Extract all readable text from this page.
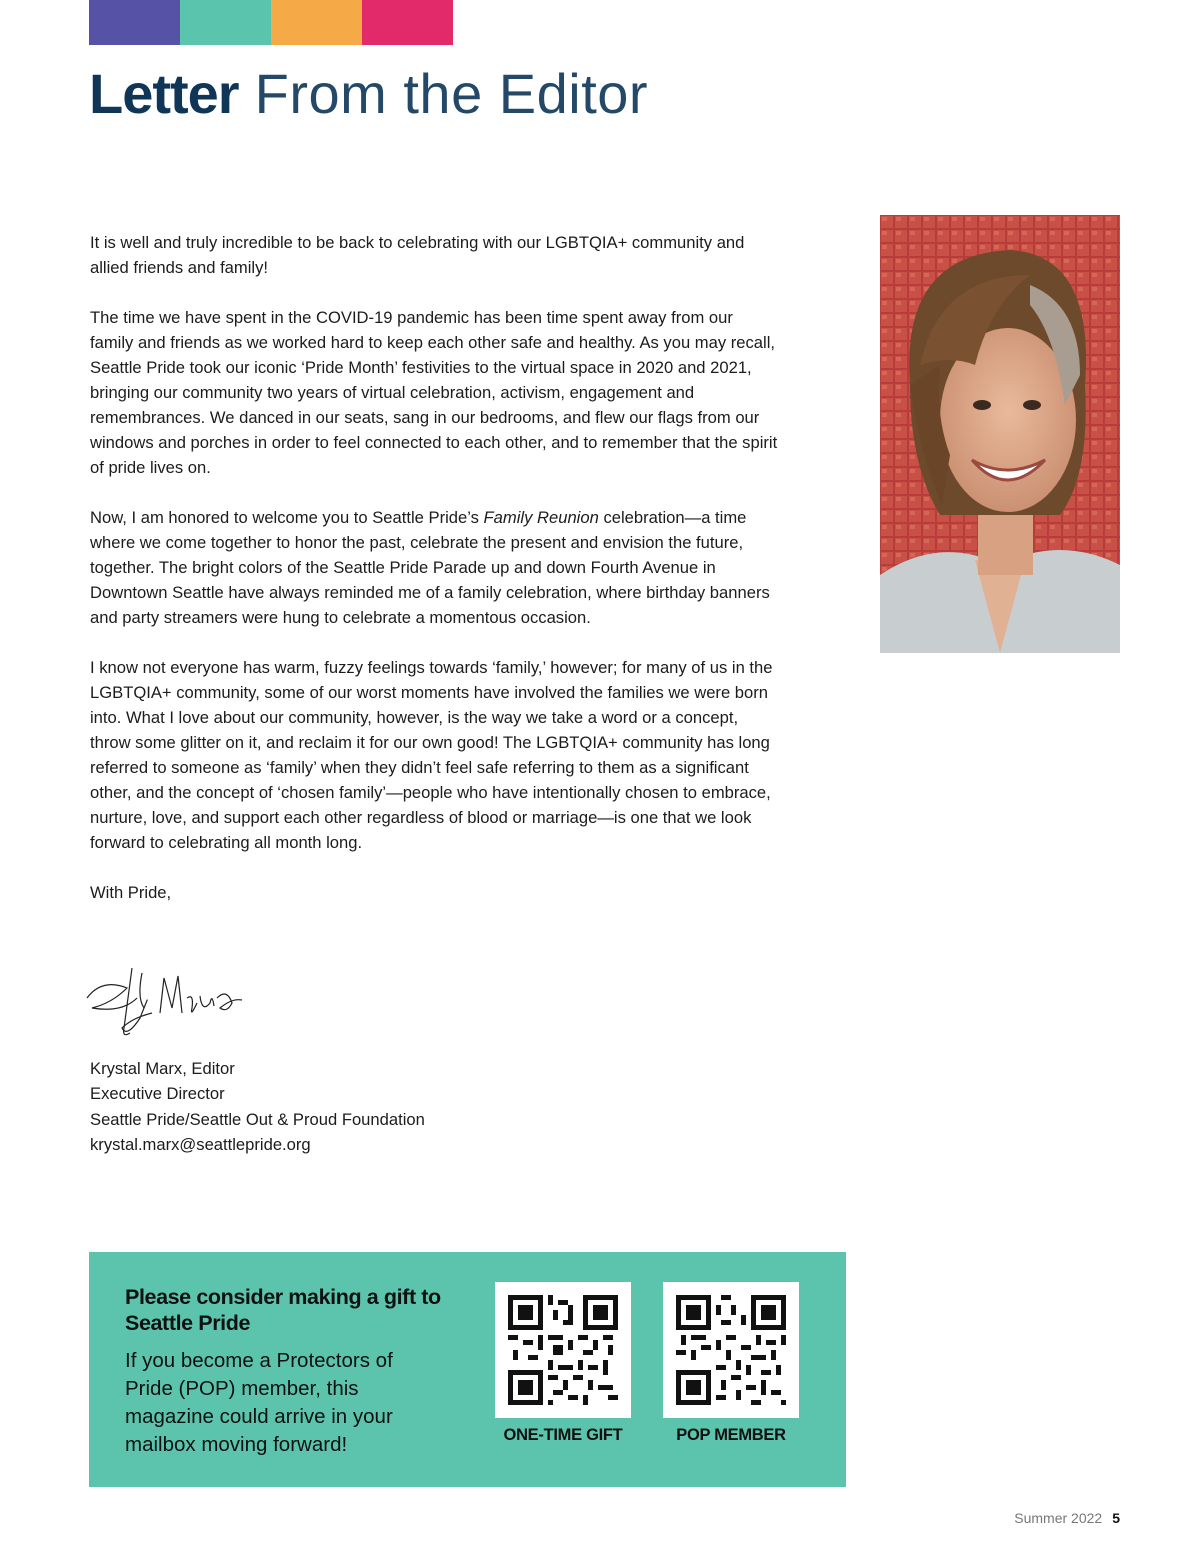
Letter From the Editor

It is well and truly incredible to be back to celebrating with our LGBTQIA+ community and allied friends and family!

The time we have spent in the COVID-19 pandemic has been time spent away from our family and friends as we worked hard to keep each other safe and healthy. As you may recall, Seattle Pride took our iconic ‘Pride Month’ festivities to the virtual space in 2020 and 2021, bringing our community two years of virtual celebration, activism, engagement and remembrances. We danced in our seats, sang in our bedrooms, and flew our flags from our windows and porches in order to feel connected to each other, and to remember that the spirit of pride lives on.

Now, I am honored to welcome you to Seattle Pride’s Family Reunion celebration—a time where we come together to honor the past, celebrate the present and envision the future, together. The bright colors of the Seattle Pride Parade up and down Fourth Avenue in Downtown Seattle have always reminded me of a family celebration, where birthday banners and party streamers were hung to celebrate a momentous occasion.

I know not everyone has warm, fuzzy feelings towards ‘family,’ however; for many of us in the LGBTQIA+ community, some of our worst moments have involved the families we were born into. What I love about our community, however, is the way we take a word or a concept, throw some glitter on it, and reclaim it for our own good! The LGBTQIA+ community has long referred to someone as ‘family’ when they didn’t feel safe referring to them as a significant other, and the concept of ‘chosen family’—people who have intentionally chosen to embrace, nurture, love, and support each other regardless of blood or marriage—is one that we look forward to celebrating all month long.

With Pride,

Krystal Marx, Editor
Executive Director
Seattle Pride/Seattle Out & Proud Foundation
krystal.marx@seattlepride.org
Please consider making a gift to Seattle Pride
If you become a Protectors of Pride (POP) member, this magazine could arrive in your mailbox moving forward!	ONE-TIME GIFT	POP MEMBER
Summer 2022 5
